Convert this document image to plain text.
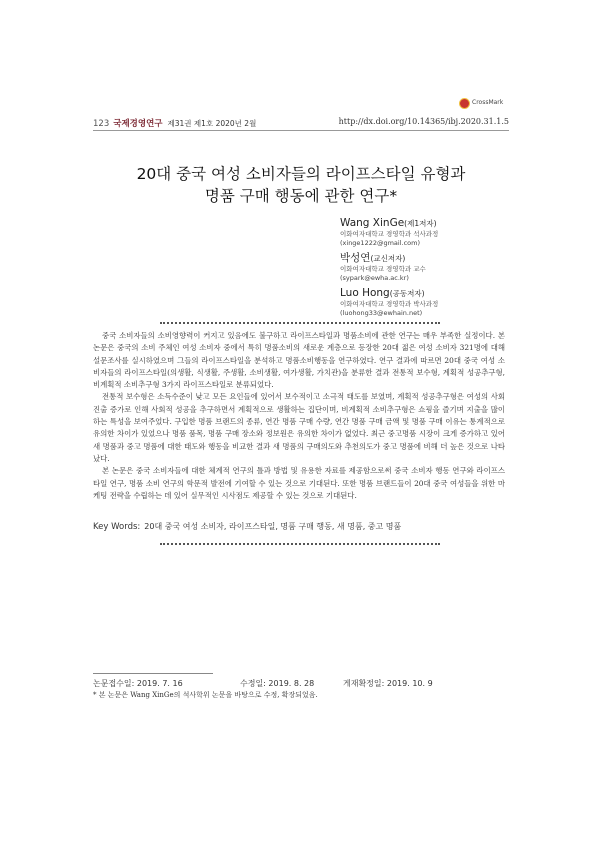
CrossMark
123 국제경영연구 제31권 제1호 2020년 2월	http://dx.doi.org/10.14365/ibj.2020.31.1.5
20대 중국 여성 소비자들의 라이프스타일 유형과
명품 구매 행동에 관한 연구*
Wang XinGe(제1저자)
이화여자대학교 경영학과 석사과정
(xinge1222@gmail.com)
박성연(교신저자)
이화여자대학교 경영학과 교수
(sypark@ewha.ac.kr)
Luo Hong(공동저자)
이화여자대학교 경영학과 박사과정
(luohong33@ewhain.net)

중국 소비자들의 소비영향력이 커지고 있음에도 불구하고 라이프스타일과 명품소비에 관한 연구는 매우 부족한 실정이다. 본 논문은 중국의 소비 주체인 여성 소비자 중에서 특히 명품소비의 새로운 계층으로 등장한 20대 젊은 여성 소비자 321명에 대해 설문조사를 실시하였으며 그들의 라이프스타일을 분석하고 명품소비행동을 연구하였다. 연구 결과에 따르면 20대 중국 여성 소비자들의 라이프스타일(의생활, 식생활, 주생활, 소비생활, 여가생활, 가치관)을 분류한 결과 전통적 보수형, 계획적 성공추구형, 비계획적 소비추구형 3가지 라이프스타일로 분류되었다.

전통적 보수형은 소득수준이 낮고 모든 요인들에 있어서 보수적이고 소극적 태도를 보였며, 계획적 성공추구형은 여성의 사회진출 증가로 인해 사회적 성공을 추구하면서 계획적으로 생활하는 집단이며, 비계획적 소비추구형은 쇼핑을 즐기며 지출을 많이 하는 특성을 보여주었다. 구입한 명품 브랜드의 종류, 연간 명품 구매 수량, 연간 명품 구매 금액 및 명품 구매 이유는 통계적으로 유의한 차이가 있었으나 명품 품목, 명품 구매 장소와 정보원은 유의한 차이가 없었다. 최근 중고명품 시장이 크게 증가하고 있어 새 명품과 중고 명품에 대한 태도와 행동을 비교한 결과 새 명품의 구매의도와 추천의도가 중고 명품에 비해 더 높은 것으로 나타났다.

본 논문은 중국 소비자들에 대한 체계적 연구의 틀과 방법 및 유용한 자료를 제공함으로써 중국 소비자 행동 연구와 라이프스타일 연구, 명품 소비 연구의 학문적 발전에 기여할 수 있는 것으로 기대된다. 또한 명품 브랜드들이 20대 중국 여성들을 위한 마케팅 전략을 수립하는 데 있어 실무적인 시사점도 제공할 수 있는 것으로 기대된다.

Key Words: 20대 중국 여성 소비자, 라이프스타일, 명품 구매 행동, 새 명품, 중고 명품
논문접수일: 2019. 7. 16	수정일: 2019. 8. 28	게재확정일: 2019. 10. 9
* 본 논문은 Wang XinGe의 석사학위 논문을 바탕으로 수정, 확장되었음.
